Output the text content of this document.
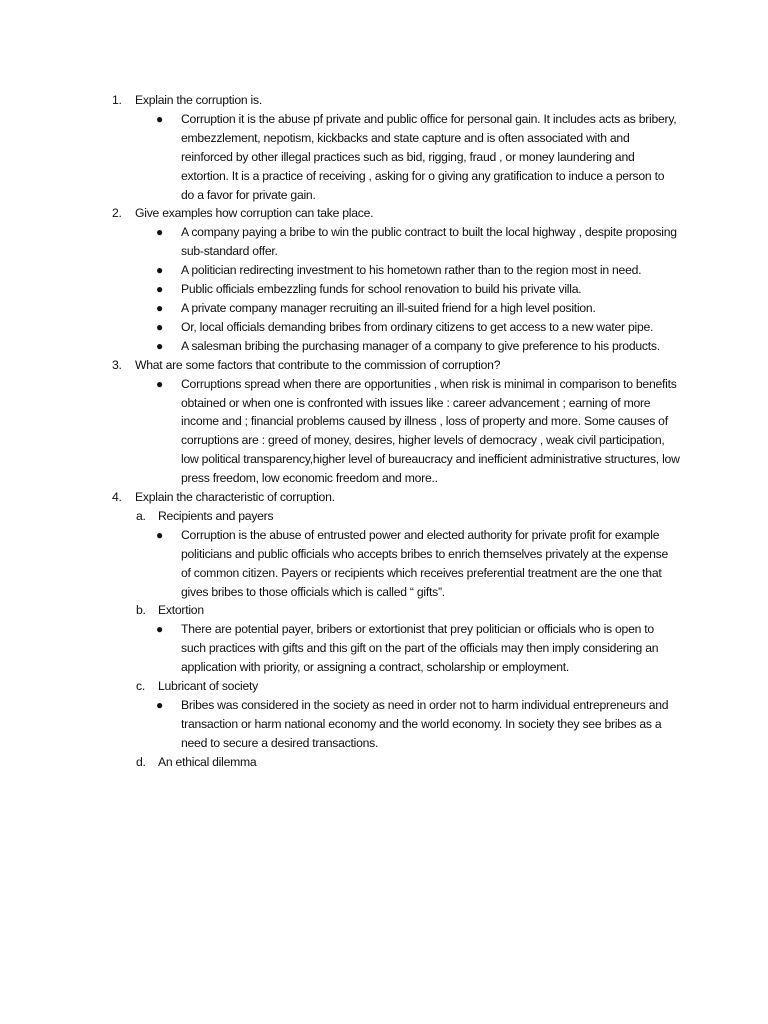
1. Explain the corruption is.
● Corruption it is the abuse pf private and public office for personal gain. It includes acts as bribery, embezzlement, nepotism, kickbacks and state capture and is often associated with and reinforced by other illegal practices such as bid, rigging, fraud , or money laundering and extortion. It is a practice of receiving , asking for o giving any gratification to induce a person to do a favor for private gain.
2. Give examples how corruption can take place.
● A company paying a bribe to win the public contract to built the local highway , despite proposing sub-standard offer.
● A politician redirecting investment to his hometown rather than to the region most in need.
● Public officials embezzling funds for school renovation to build his private villa.
● A private company manager recruiting an ill-suited friend for a high level position.
● Or, local officials demanding bribes from ordinary citizens to get access to a new water pipe.
● A salesman bribing the purchasing manager of a company to give preference to his products.
3. What are some factors that contribute to the commission of corruption?
● Corruptions spread when there are opportunities , when risk is minimal in comparison to benefits obtained or when one is confronted with issues like : career advancement ; earning of more income and ; financial problems caused by illness , loss of property and more. Some causes of corruptions are : greed of money, desires, higher levels of democracy , weak civil participation, low political transparency,higher level of bureaucracy and inefficient administrative structures, low press freedom, low economic freedom and more..
4. Explain the characteristic of corruption.
a. Recipients and payers
● Corruption is the abuse of entrusted power and elected authority for private profit for example politicians and public officials who accepts bribes to enrich themselves privately at the expense of common citizen. Payers or recipients which receives preferential treatment are the one that gives bribes to those officials which is called “ gifts”.
b. Extortion
● There are potential payer, bribers or extortionist that prey politician or officials who is open to such practices with gifts and this gift on the part of the officials may then imply considering an application with priority, or assigning a contract, scholarship or employment.
c. Lubricant of society
● Bribes was considered in the society as need in order not to harm individual entrepreneurs and transaction or harm national economy and the world economy. In society they see bribes as a need to secure a desired transactions.
d. An ethical dilemma
